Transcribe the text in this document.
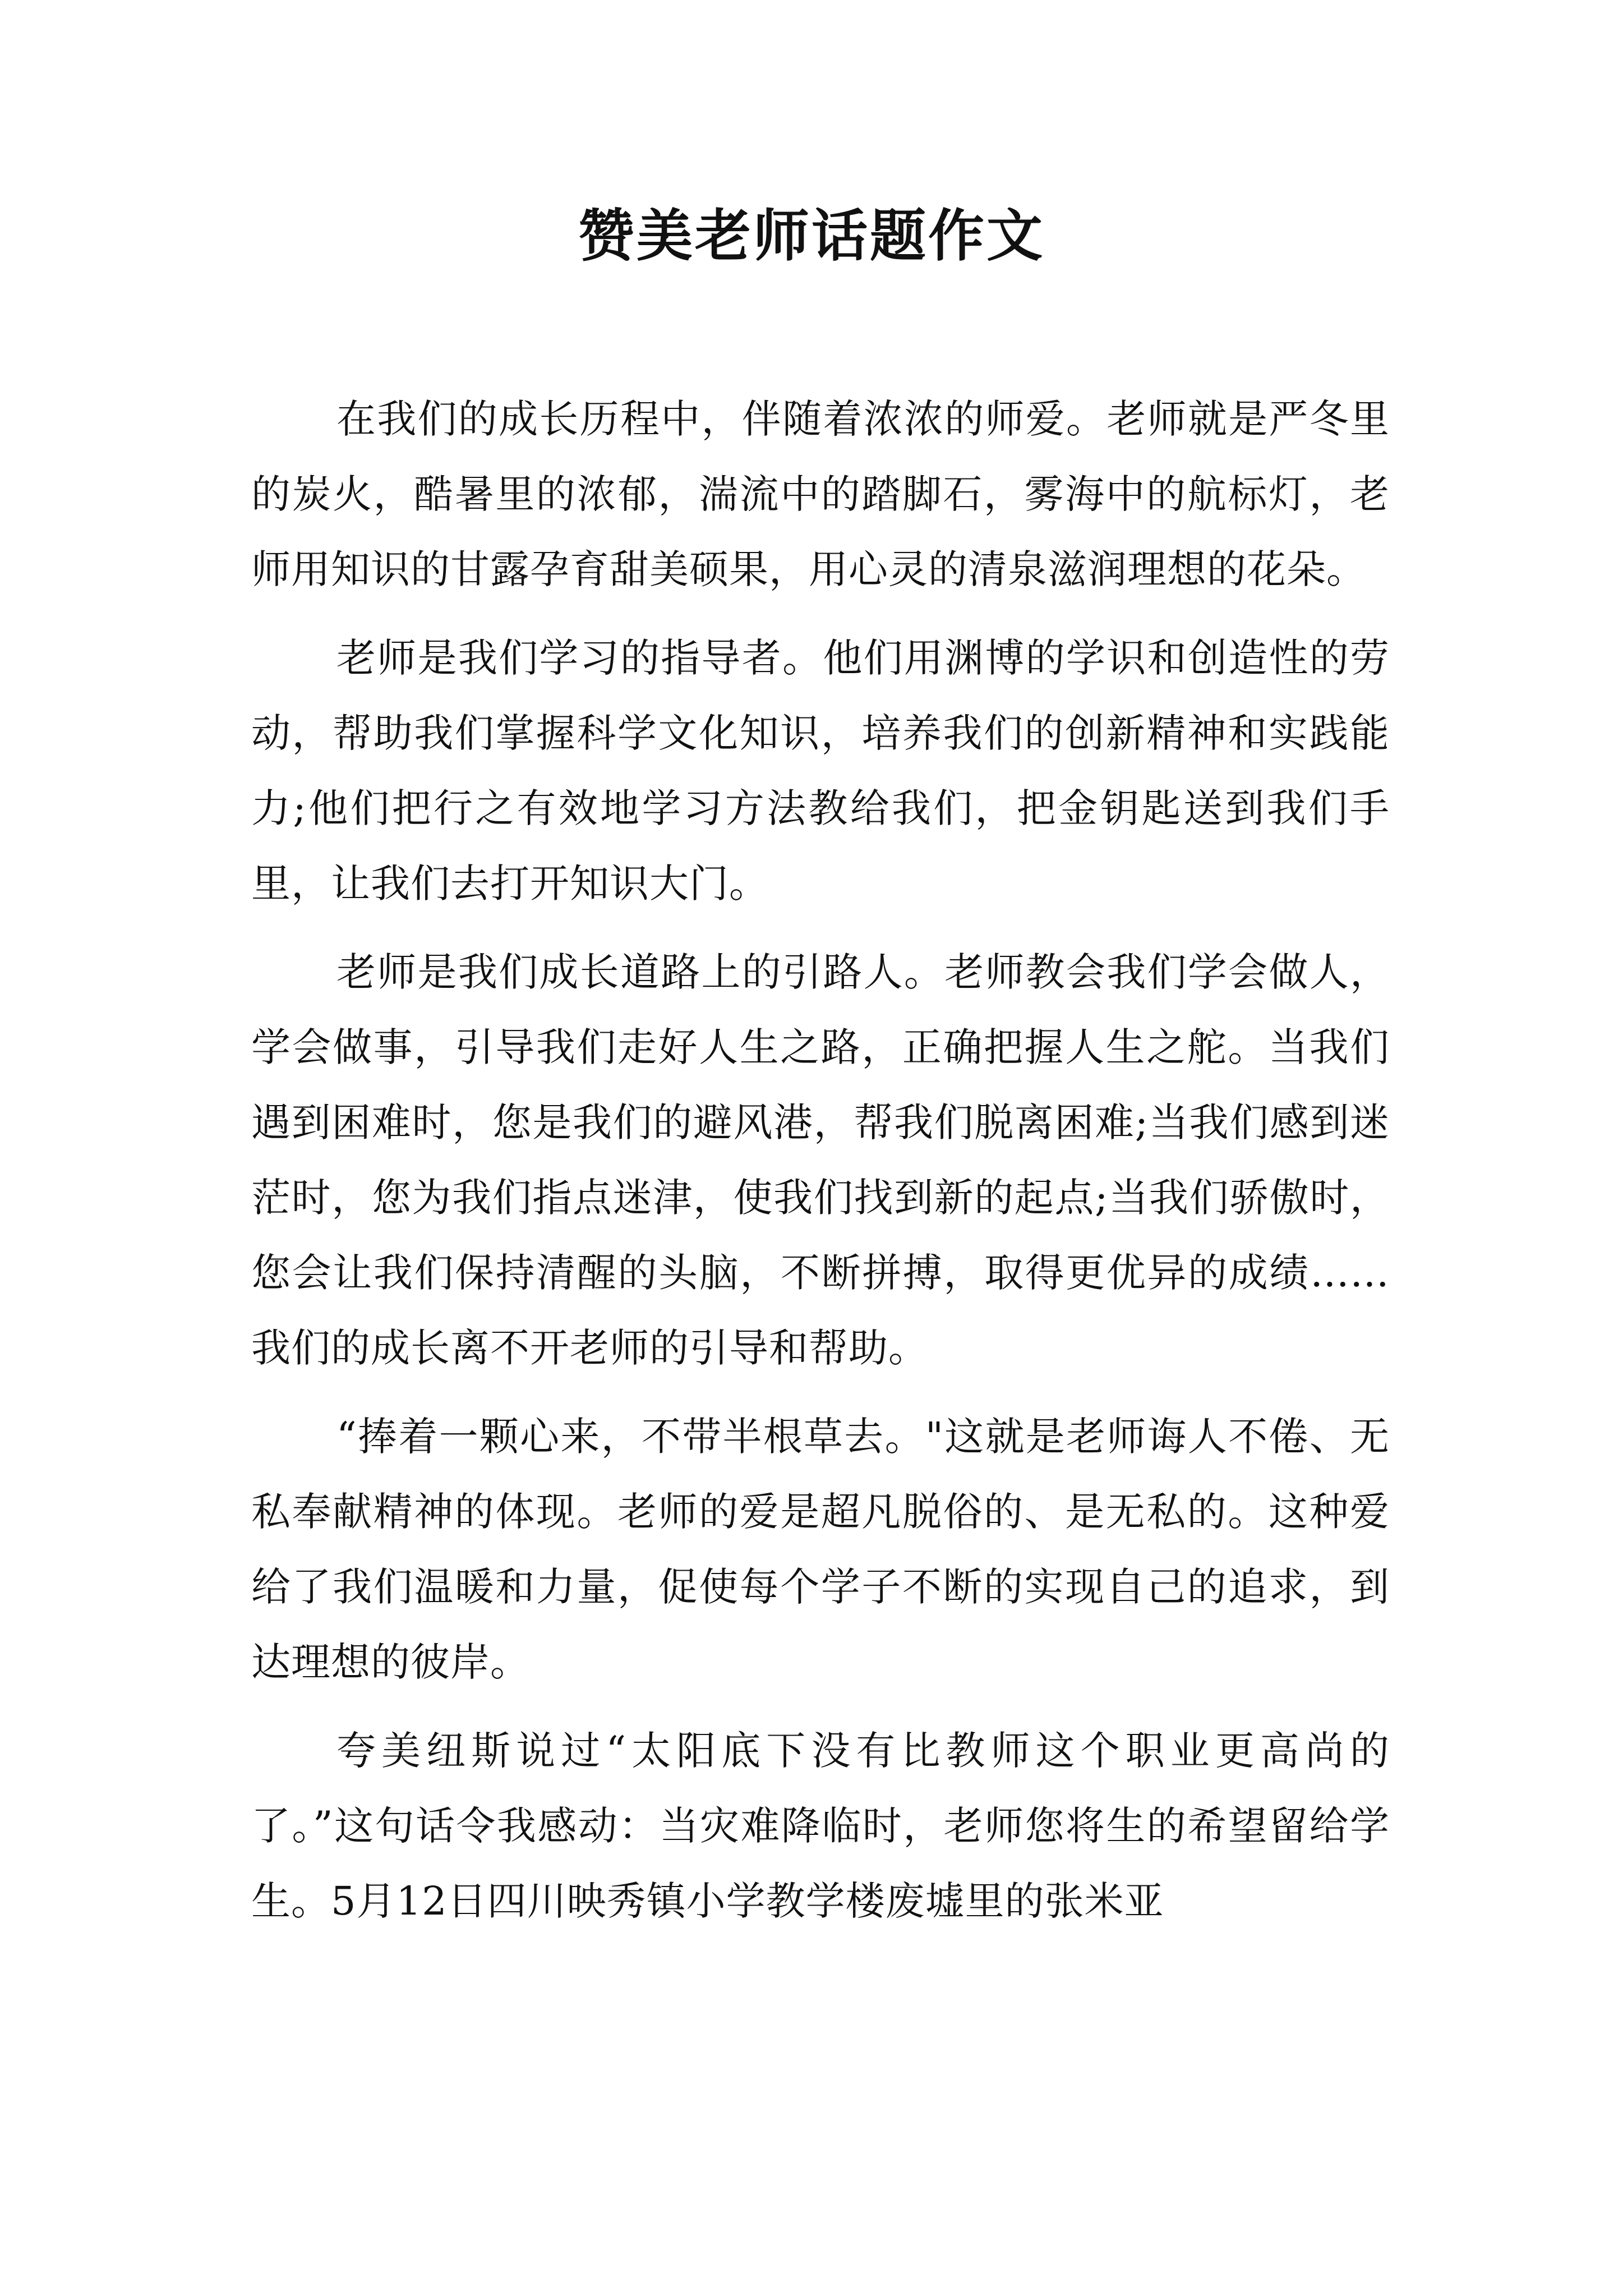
赞美老师话题作文

在我们的成长历程中，伴随着浓浓的师爱。老师就是严冬里的炭火，酷暑里的浓郁，湍流中的踏脚石，雾海中的航标灯，老师用知识的甘露孕育甜美硕果，用心灵的清泉滋润理想的花朵。

老师是我们学习的指导者。他们用渊博的学识和创造性的劳动，帮助我们掌握科学文化知识，培养我们的创新精神和实践能力;他们把行之有效地学习方法教给我们，把金钥匙送到我们手里，让我们去打开知识大门。

老师是我们成长道路上的引路人。老师教会我们学会做人，学会做事，引导我们走好人生之路，正确把握人生之舵。当我们遇到困难时，您是我们的避风港，帮我们脱离困难;当我们感到迷茫时，您为我们指点迷津，使我们找到新的起点;当我们骄傲时，您会让我们保持清醒的头脑，不断拼搏，取得更优异的成绩……我们的成长离不开老师的引导和帮助。

“捧着一颗心来，不带半根草去。"这就是老师诲人不倦、无私奉献精神的体现。老师的爱是超凡脱俗的、是无私的。这种爱给了我们温暖和力量，促使每个学子不断的实现自己的追求，到达理想的彼岸。

夸美纽斯说过“太阳底下没有比教师这个职业更高尚的了。”这句话令我感动：当灾难降临时，老师您将生的希望留给学生。5月12日四川映秀镇小学教学楼废墟里的张米亚
